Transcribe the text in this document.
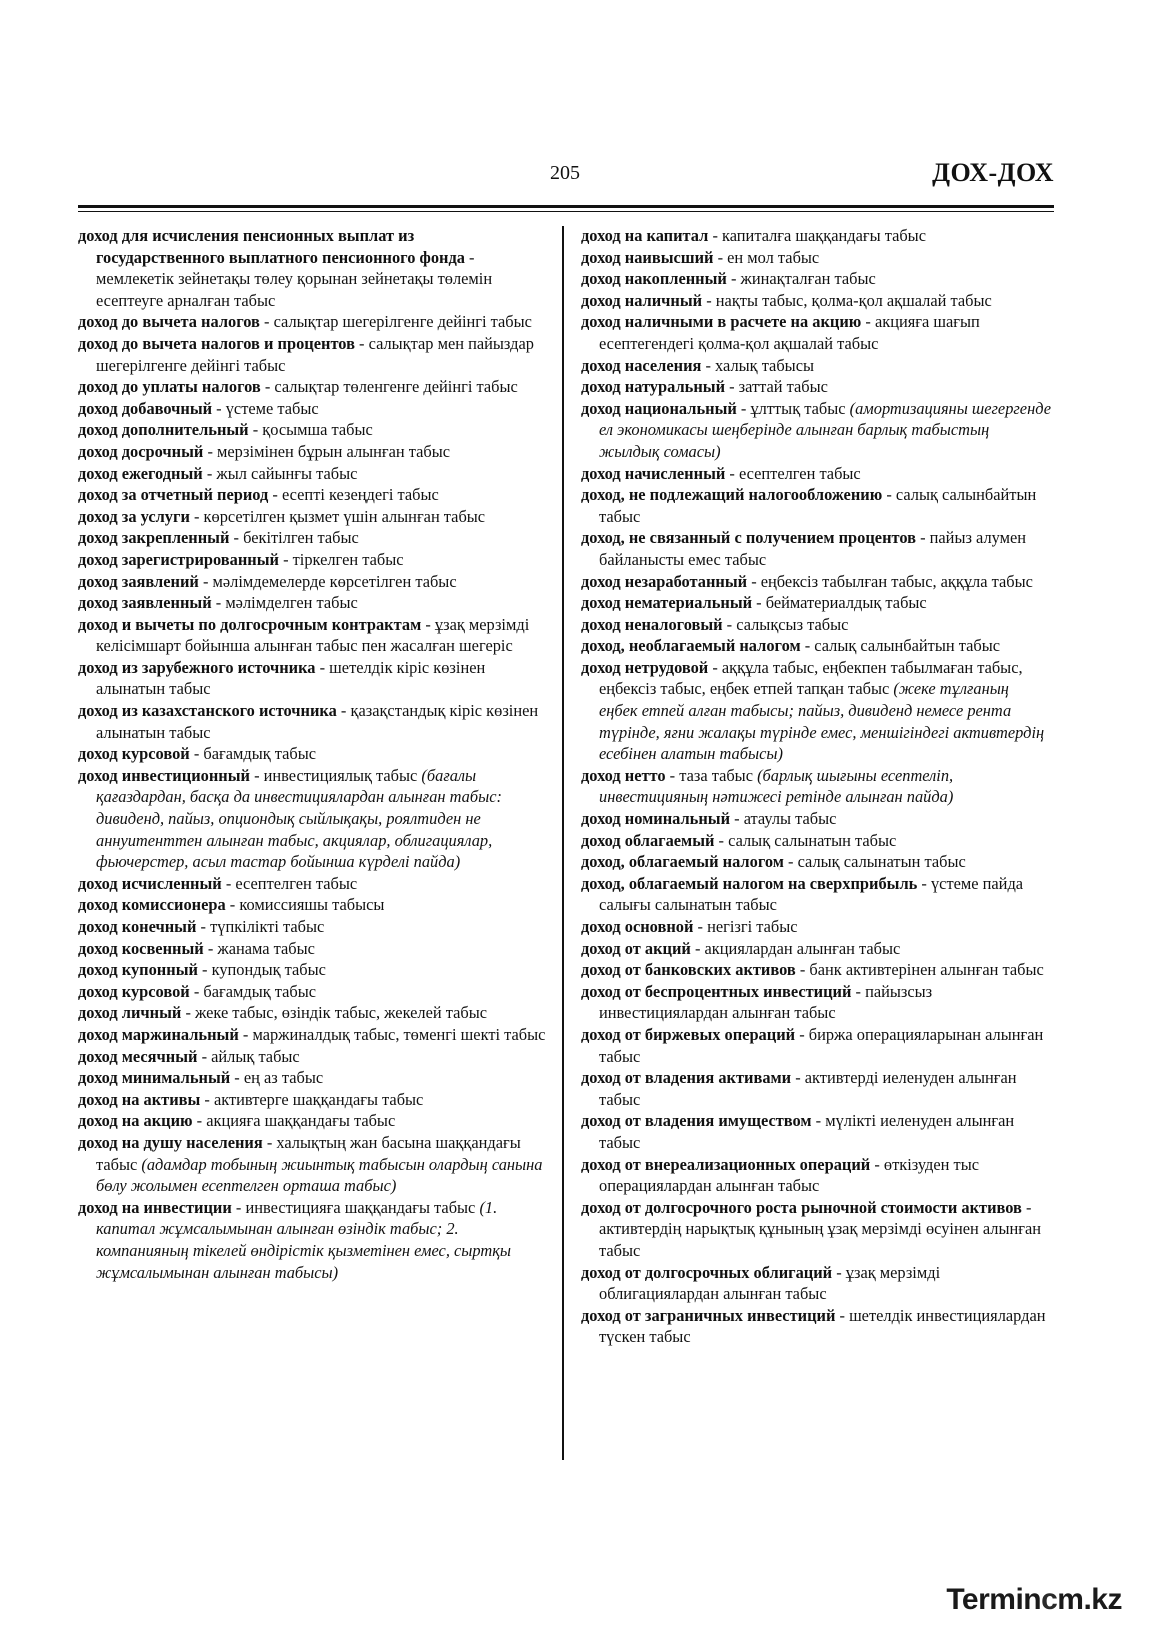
205	ДОХ-ДОХ
доход для исчисления пенсионных выплат из государственного выплатного пенсионного фонда - мемлекетік зейнетақы төлеу қорынан зейнетақы төлемін есептеуге арналған табыс
доход до вычета налогов - салықтар шегерілгенге дейінгі табыс
доход до вычета налогов и процентов - салықтар мен пайыздар шегерілгенге дейінгі табыс
доход до уплаты налогов - салықтар төленгенге дейінгі табыс
доход добавочный - үстеме табыс
доход дополнительный - қосымша табыс
доход досрочный - мерзімінен бұрын алынған табыс
доход ежегодный - жыл сайынғы табыс
доход за отчетный период - есепті кезеңдегі табыс
доход за услуги - көрсетілген қызмет үшін алынған табыс
доход закрепленный - бекітілген табыс
доход зарегистрированный - тіркелген табыс
доход заявлений - мәлімдемелерде көрсетілген табыс
доход заявленный - мәлімделген табыс
доход и вычеты по долгосрочным контрактам - ұзақ мерзімді келісімшарт бойынша алынған табыс пен жасалған шегеріс
доход из зарубежного источника - шетелдік кіріс көзінен алынатын табыс
доход из казахстанского источника - қазақстандық кіріс көзінен алынатын табыс
доход курсовой - бағамдық табыс
доход инвестиционный - инвестициялық табыс (бағалы қағаздардан, басқа да инвестициялардан алынған табыс: дивиденд, пайыз, опциондық сыйлықақы, роялтиден не аннуитенттен алынған табыс, акциялар, облигациялар, фьючерстер, асыл тастар бойынша күрделі пайда)
доход исчисленный - есептелген табыс
доход комиссионера - комиссияшы табысы
доход конечный - түпкілікті табыс
доход косвенный - жанама табыс
доход купонный - купондық табыс
доход курсовой - бағамдық табыс
доход личный - жеке табыс, өзіндік табыс, жекелей табыс
доход маржинальный - маржиналдық табыс, төменгі шекті табыс
доход месячный - айлық табыс
доход минимальный - ең аз табыс
доход на активы - активтерге шаққандағы табыс
доход на акцию - акцияға шаққандағы табыс
доход на душу населения - халықтың жан басына шаққандағы табыс (адамдар тобының жиынтық табысын олардың санына бөлу жолымен есептелген орташа табыс)
доход на инвестиции - инвестицияға шаққандағы табыс (1. капитал жұмсалымынан алынған өзіндік табыс; 2. компанияның тікелей өндірістік қызметінен емес, сыртқы жұмсалымынан алынған табысы)
доход на капитал - капиталға шаққандағы табыс
доход наивысший - ен мол табыс
доход накопленный - жинақталған табыс
доход наличный - нақты табыс, қолма-қол ақшалай табыс
доход наличными в расчете на акцию - акцияға шағып есептегендегі қолма-қол ақшалай табыс
доход населения - халық табысы
доход натуральный - заттай табыс
доход национальный - ұлттық табыс (амортизацияны шегергенде ел экономикасы шеңберінде алынған барлық табыстың жылдық сомасы)
доход начисленный - есептелген табыс
доход, не подлежащий налогообложению - салық салынбайтын табыс
доход, не связанный с получением процентов - пайыз алумен байланысты емес табыс
доход незаработанный - еңбексіз табылған табыс, аққұла табыс
доход нематериальный - бейматериалдық табыс
доход неналоговый - салықсыз табыс
доход, необлагаемый налогом - салық салынбайтын табыс
доход нетрудовой - аққұла табыс, еңбекпен табылмаған табыс, еңбексіз табыс, еңбек етпей тапқан табыс (жеке тұлғаның еңбек етпей алған табысы; пайыз, дивиденд немесе рента түрінде, яғни жалақы түрінде емес, меншігіндегі активтердің есебінен алатын табысы)
доход нетто - таза табыс (барлық шығыны есептеліп, инвестицияның нәтижесі ретінде алынған пайда)
доход номинальный - атаулы табыс
доход облагаемый - салық салынатын табыс
доход, облагаемый налогом - салық салынатын табыс
доход, облагаемый налогом на сверхприбыль - үстеме пайда салығы салынатын табыс
доход основной - негізгі табыс
доход от акций - акциялардан алынған табыс
доход от банковских активов - банк активтерінен алынған табыс
доход от беспроцентных инвестиций - пайызсыз инвестициялардан алынған табыс
доход от биржевых операций - биржа операцияларынан алынған табыс
доход от владения активами - активтерді иеленуден алынған табыс
доход от владения имуществом - мүлікті иеленуден алынған табыс
доход от внереализационных операций - өткізуден тыс операциялардан алынған табыс
доход от долгосрочного роста рыночной стоимости активов - активтердің нарықтық құнының ұзақ мерзімді өсуінен алынған табыс
доход от долгосрочных облигаций - ұзақ мерзімді облигациялардан алынған табыс
доход от заграничных инвестиций - шетелдік инвестициялардан түскен табыс
Termincm.kz
